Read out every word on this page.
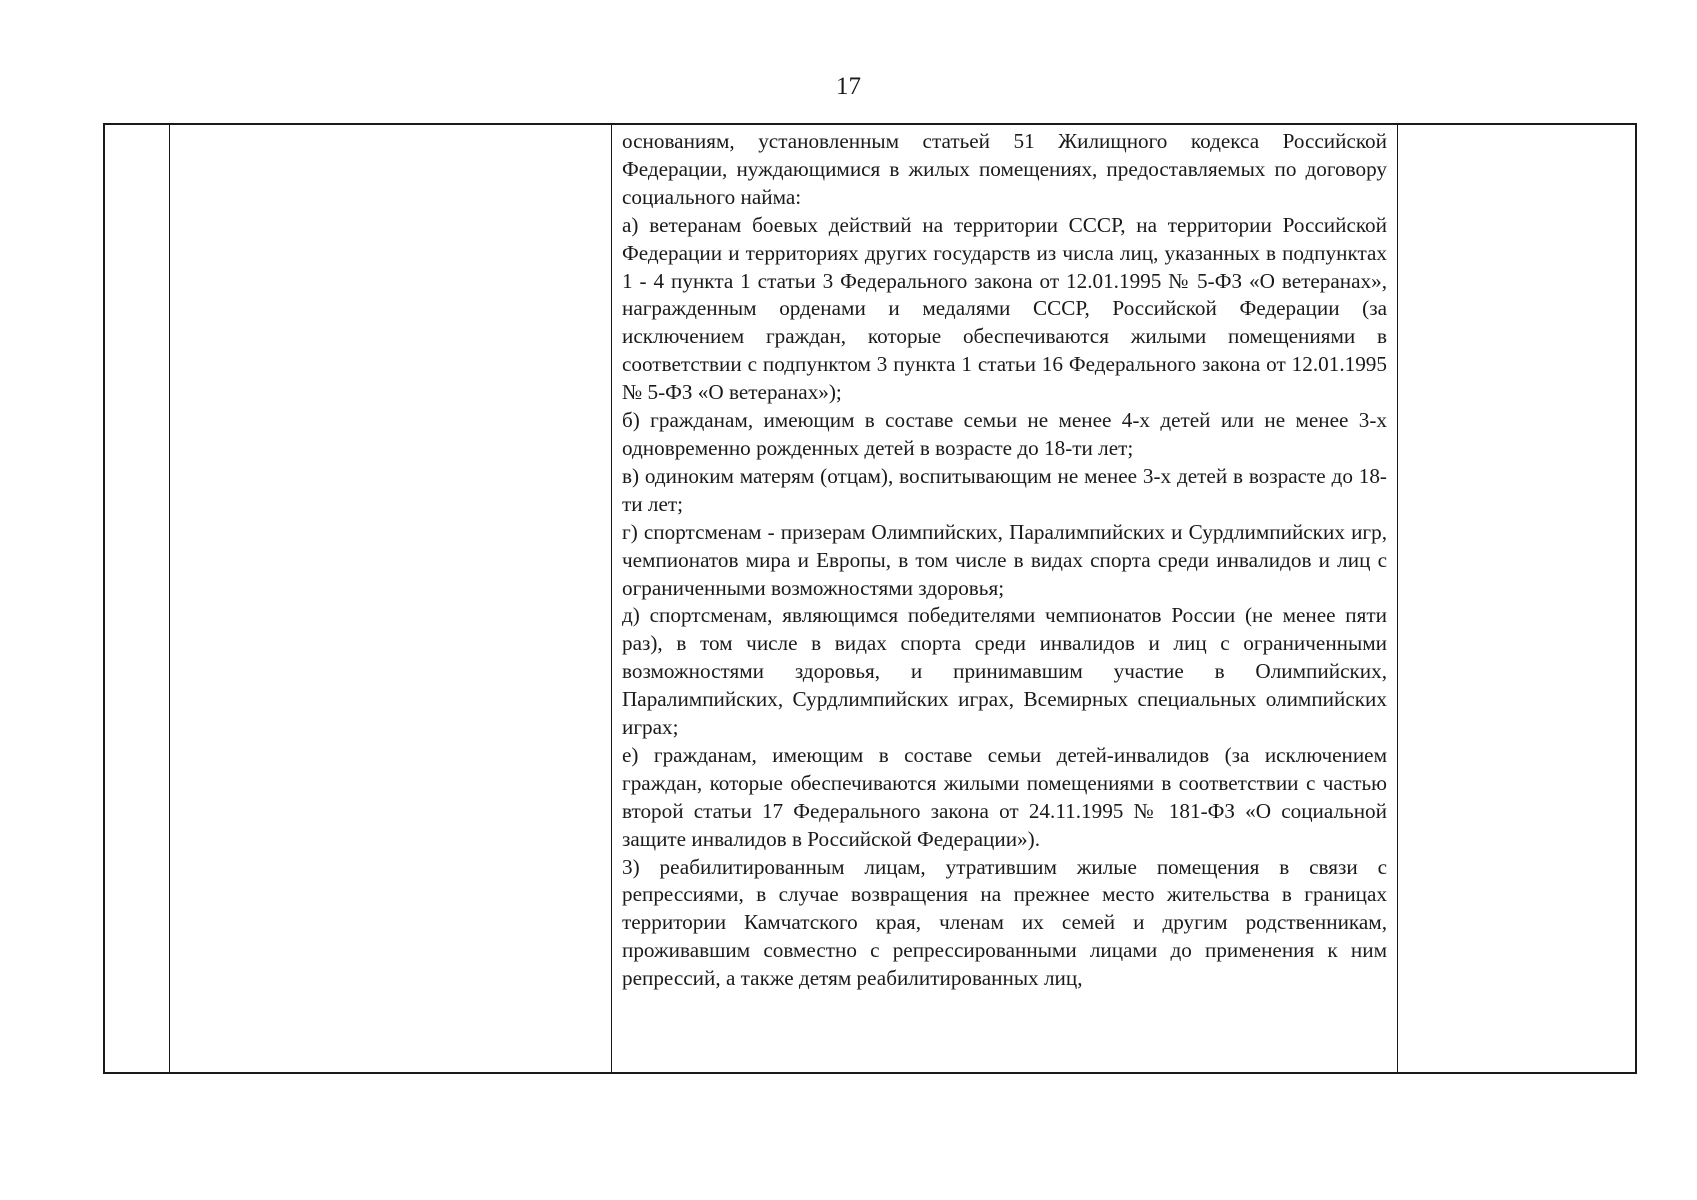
17

основаниям, установленным статьей 51 Жилищного кодекса Российской Федерации, нуждающимися в жилых помещениях, предоставляемых по договору социального найма:

а) ветеранам боевых действий на территории СССР, на территории Российской Федерации и территориях других государств из числа лиц, указанных в подпунктах 1 - 4 пункта 1 статьи 3 Федерального закона от 12.01.1995 № 5-ФЗ «О ветеранах», награжденным орденами и медалями СССР, Российской Федерации (за исключением граждан, которые обеспечиваются жилыми помещениями в соответствии с подпунктом 3 пункта 1 статьи 16 Федерального закона от 12.01.1995 № 5-ФЗ «О ветеранах»);

б) гражданам, имеющим в составе семьи не менее 4-х детей или не менее 3-х одновременно рожденных детей в возрасте до 18-ти лет;

в) одиноким матерям (отцам), воспитывающим не менее 3-х детей в возрасте до 18-ти лет;

г) спортсменам - призерам Олимпийских, Паралимпийских и Сурдлимпийских игр, чемпионатов мира и Европы, в том числе в видах спорта среди инвалидов и лиц с ограниченными возможностями здоровья;

д) спортсменам, являющимся победителями чемпионатов России (не менее пяти раз), в том числе в видах спорта среди инвалидов и лиц с ограниченными возможностями здоровья, и принимавшим участие в Олимпийских, Паралимпийских, Сурдлимпийских играх, Всемирных специальных олимпийских играх;

е) гражданам, имеющим в составе семьи детей-инвалидов (за исключением граждан, которые обеспечиваются жилыми помещениями в соответствии с частью второй статьи 17 Федерального закона от 24.11.1995 № 181-ФЗ «О социальной защите инвалидов в Российской Федерации»).

3) реабилитированным лицам, утратившим жилые помещения в связи с репрессиями, в случае возвращения на прежнее место жительства в границах территории Камчатского края, членам их семей и другим родственникам, проживавшим совместно с репрессированными лицами до применения к ним репрессий, а также детям реабилитированных лиц,
